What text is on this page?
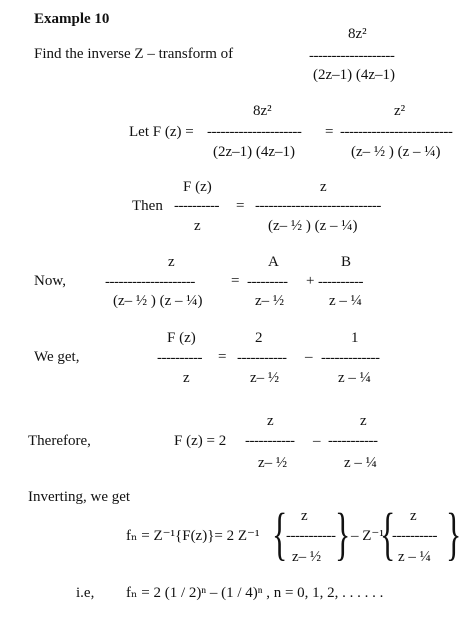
Example 10
Find the inverse Z – transform of
8z²
-------------------
(2z–1) (4z–1)
Let F (z) =
8z²
---------------------
(2z–1) (4z–1)
=
z²
-------------------------
(z– ½ ) (z – ¼)
Then
F (z)
----------
z
=
z
----------------------------
(z– ½ ) (z – ¼)
Now,
z
--------------------
(z– ½ ) (z – ¼)
=
A
---------
z– ½
+
B
----------
z – ¼
We get,
F (z)
----------
z
=
2
-----------
z– ½
–
1
-------------
z – ¼
Therefore,	F (z) = 2
z
-----------
z– ½
–
z
-----------
z – ¼
Inverting, we get
fₙ = Z⁻¹{F(z)}= 2 Z⁻¹ { z
-----------
z– ½ } – Z⁻¹
{ z
----------
z – ¼ }
i.e, fₙ = 2 (1 / 2)ⁿ – (1 / 4)ⁿ , n = 0, 1, 2, . . . . . .
